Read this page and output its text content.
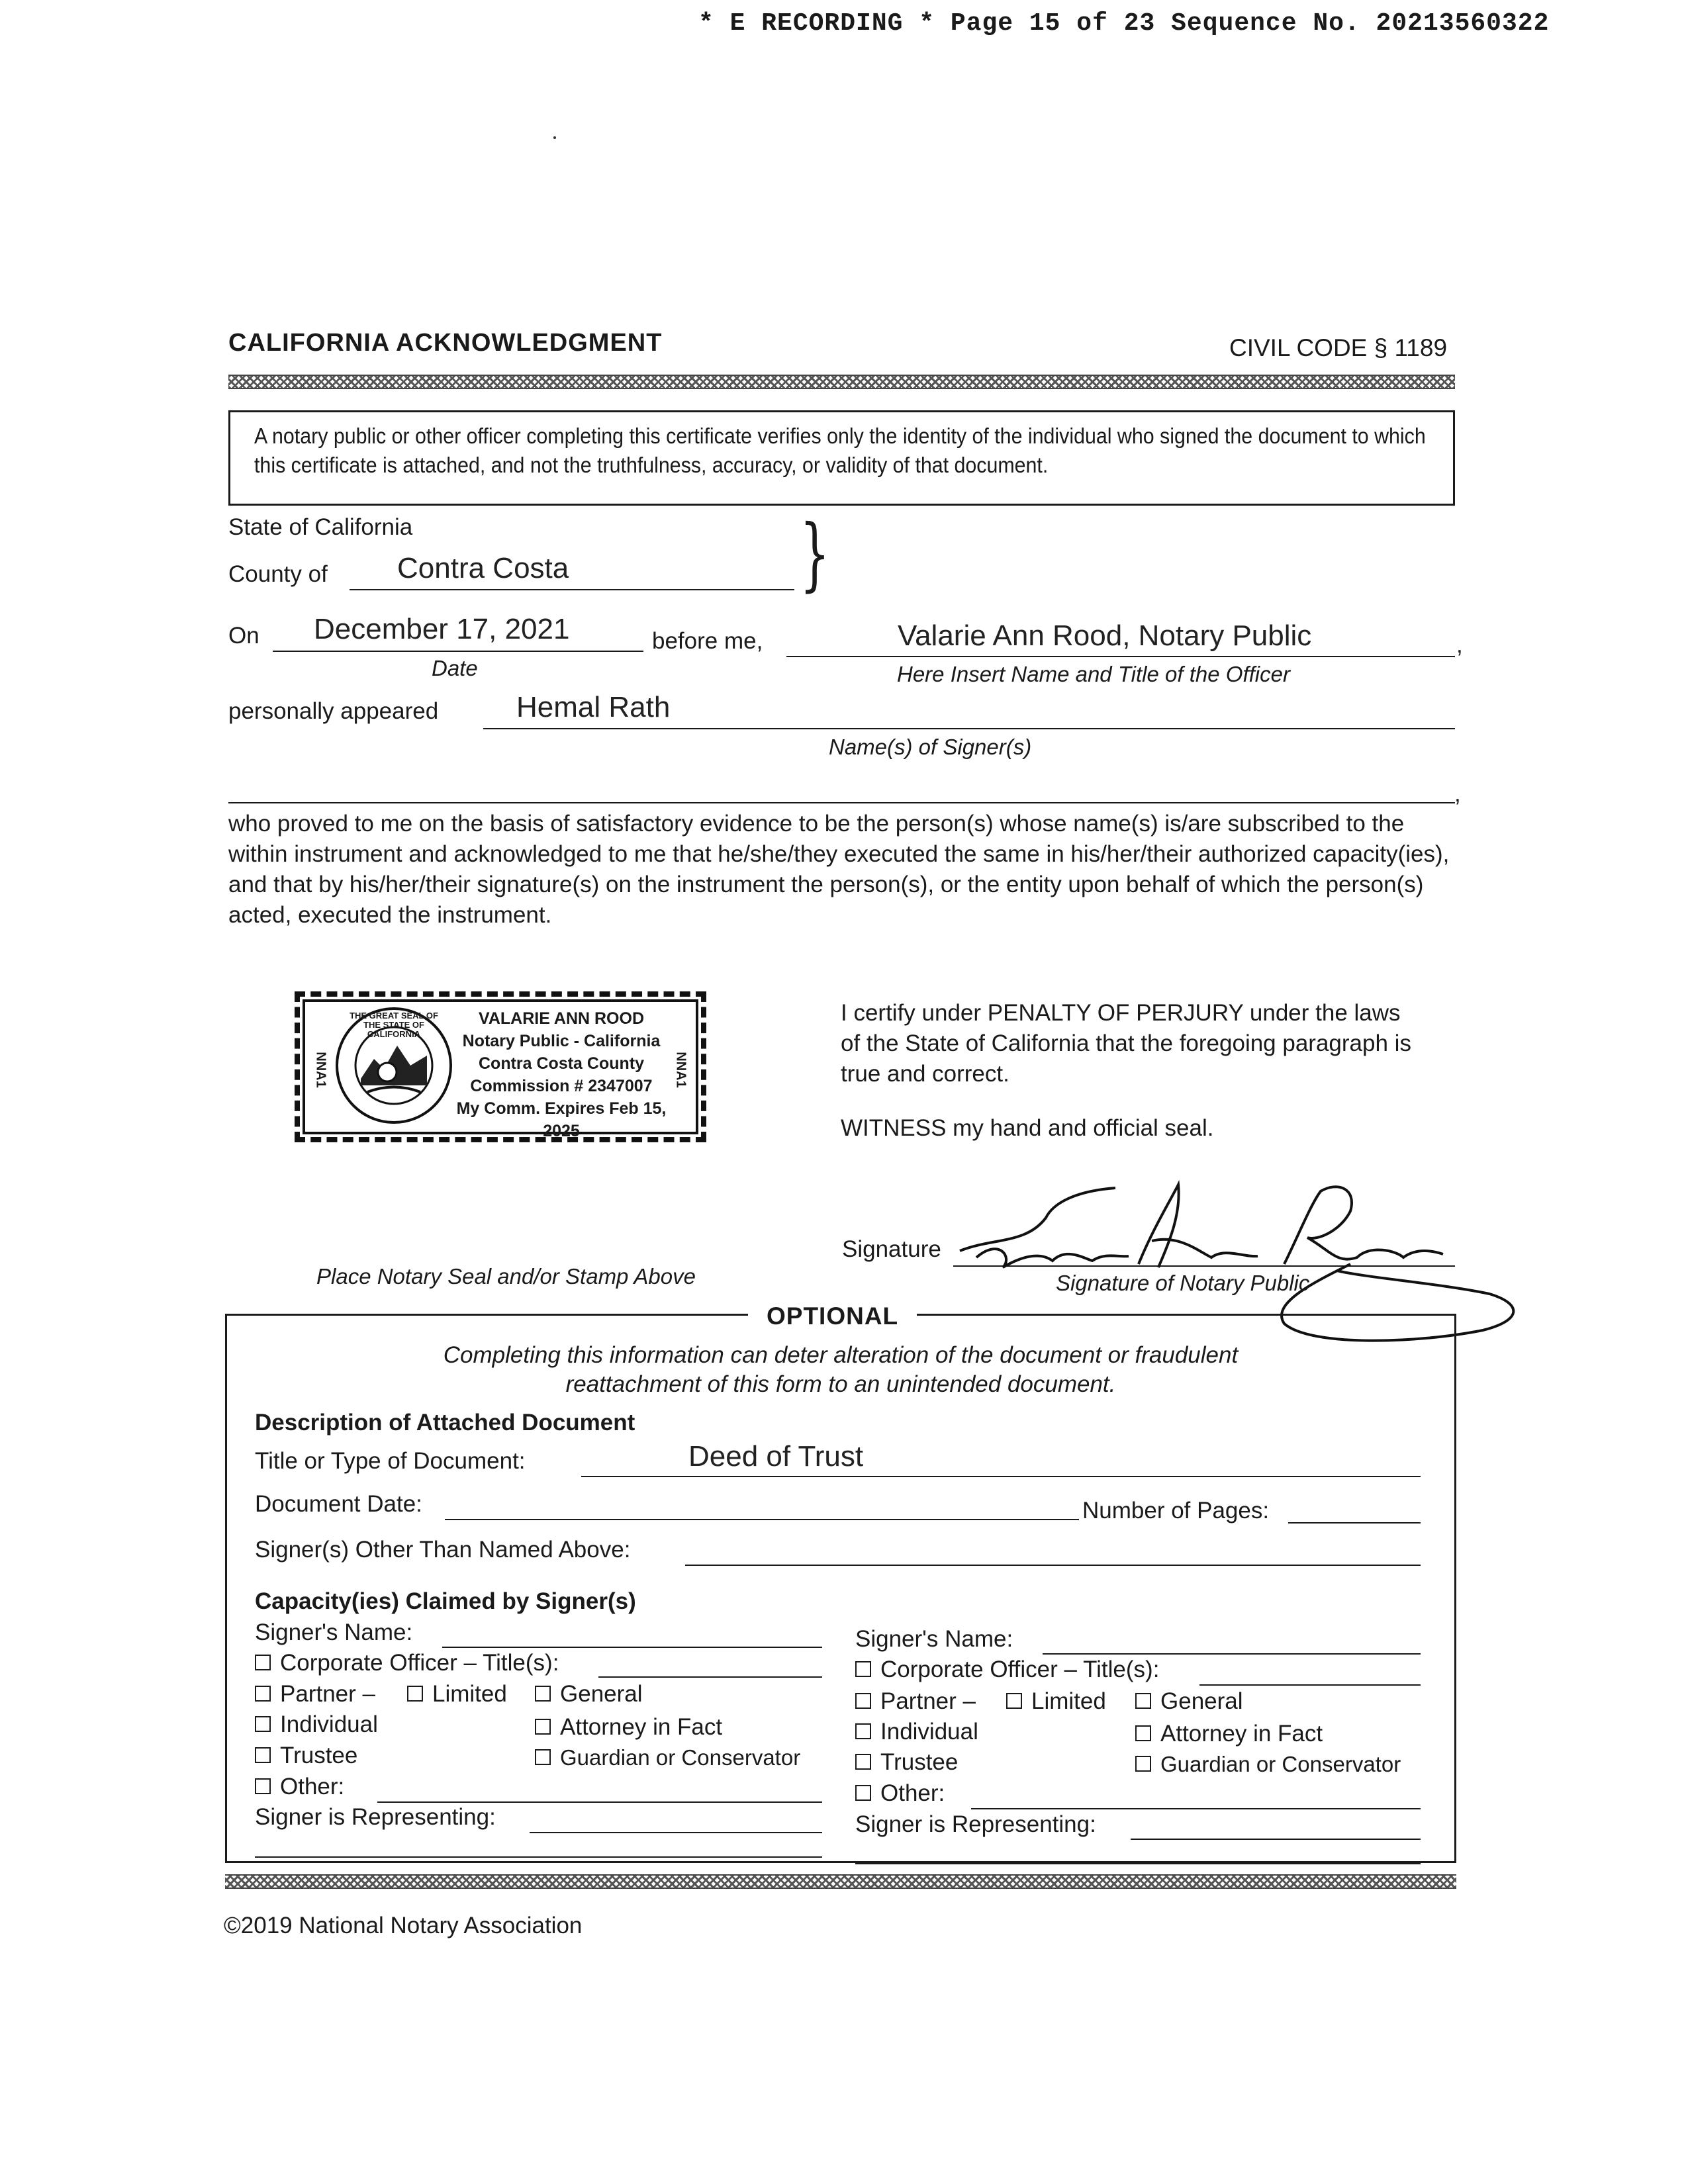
* E RECORDING * Page 15 of 23 Sequence No. 20213560322
CALIFORNIA ACKNOWLEDGMENT	CIVIL CODE § 1189
A notary public or other officer completing this certificate verifies only the identity of the individual who signed the document to which this certificate is attached, and not the truthfulness, accuracy, or validity of that document.
State of California
County of Contra Costa	}
On December 17, 2021
Date
before me,	,
Valarie Ann Rood, Notary Public
Here Insert Name and Title of the Officer
personally appeared	Hemal Rath
Name(s) of Signer(s)
,
who proved to me on the basis of satisfactory evidence to be the person(s) whose name(s) is/are subscribed to the within instrument and acknowledged to me that he/she/they executed the same in his/her/their authorized capacity(ies), and that by his/her/their signature(s) on the instrument the person(s), or the entity upon behalf of which the person(s) acted, executed the instrument.
NNA1	NNA1
THE GREAT SEAL OF THE STATE OF CALIFORNIA
VALARIE ANN ROOD
Notary Public - California
Contra Costa County
Commission # 2347007
My Comm. Expires Feb 15, 2025
I certify under PENALTY OF PERJURY under the laws of the State of California that the foregoing paragraph is true and correct.
WITNESS my hand and official seal.
Signature
Signature of Notary Public
Place Notary Seal and/or Stamp Above
OPTIONAL
Completing this information can deter alteration of the document or fraudulent reattachment of this form to an unintended document.
Description of Attached Document
Title or Type of Document:	Deed of Trust
Document Date:	Number of Pages:
Signer(s) Other Than Named Above:
Capacity(ies) Claimed by Signer(s)
Signer's Name:
Corporate Officer – Title(s):
Partner –	Limited	General
Individual	Attorney in Fact
Trustee	Guardian or Conservator
Other:
Signer is Representing:
Signer's Name:
Corporate Officer – Title(s):
Partner –	Limited	General
Individual	Attorney in Fact
Trustee	Guardian or Conservator
Other:
Signer is Representing:
©2019 National Notary Association
